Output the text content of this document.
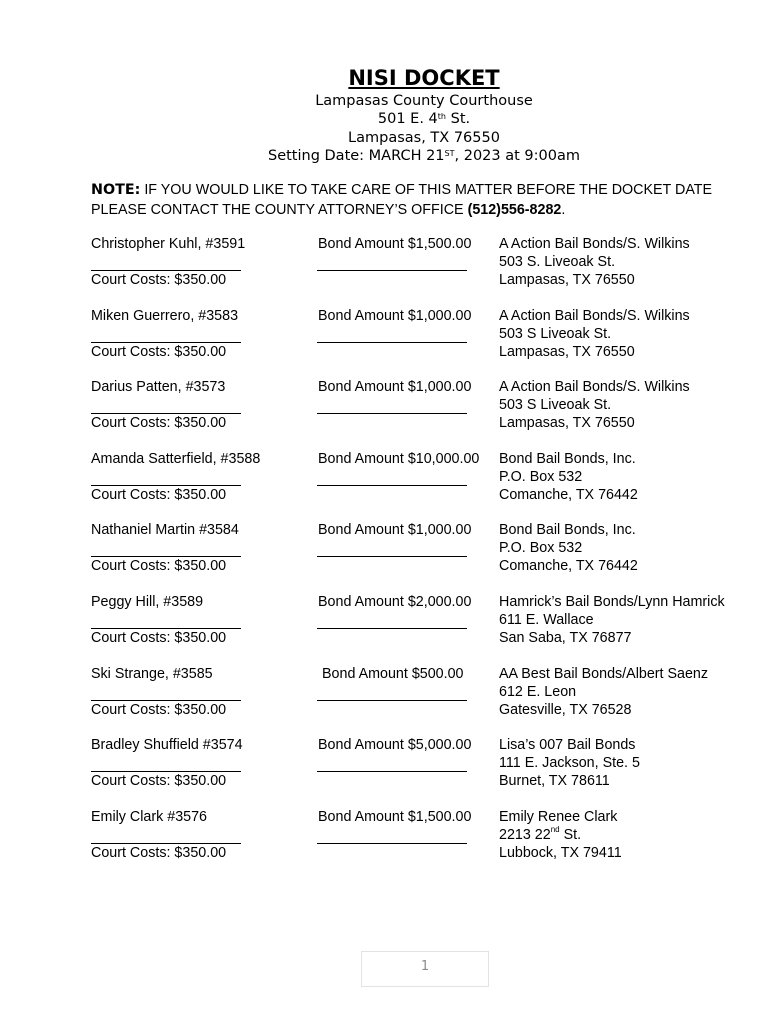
NISI DOCKET
Lampasas County Courthouse
501 E. 4th St.
Lampasas, TX 76550
Setting Date: MARCH 21ST, 2023 at 9:00am
NOTE: IF YOU WOULD LIKE TO TAKE CARE OF THIS MATTER BEFORE THE DOCKET DATE PLEASE CONTACT THE COUNTY ATTORNEY’S OFFICE (512)556-8282.
Christopher Kuhl, #3591
Court Costs: $350.00
Bond Amount $1,500.00 A Action Bail Bonds/S. Wilkins
503 S. Liveoak St.
Lampasas, TX 76550
Miken Guerrero, #3583
Court Costs: $350.00
Bond Amount $1,000.00 A Action Bail Bonds/S. Wilkins
503 S Liveoak St.
Lampasas, TX 76550
Darius Patten, #3573
Court Costs: $350.00
Bond Amount $1,000.00 A Action Bail Bonds/S. Wilkins
503 S Liveoak St.
Lampasas, TX 76550
Amanda Satterfield, #3588
Court Costs: $350.00
Bond Amount $10,000.00 Bond Bail Bonds, Inc.
P.O. Box 532
Comanche, TX 76442
Nathaniel Martin #3584
Court Costs: $350.00
Bond Amount $1,000.00 Bond Bail Bonds, Inc.
P.O. Box 532
Comanche, TX 76442
Peggy Hill, #3589
Court Costs: $350.00
Bond Amount $2,000.00 Hamrick’s Bail Bonds/Lynn Hamrick
611 E. Wallace
San Saba, TX 76877
Ski Strange, #3585
Court Costs: $350.00
Bond Amount $500.00 AA Best Bail Bonds/Albert Saenz
612 E. Leon
Gatesville, TX 76528
Bradley Shuffield #3574
Court Costs: $350.00
Bond Amount $5,000.00 Lisa’s 007 Bail Bonds
111 E. Jackson, Ste. 5
Burnet, TX 78611
Emily Clark #3576
Court Costs: $350.00
Bond Amount $1,500.00 Emily Renee Clark
2213 22nd St.
Lubbock, TX 79411
1
